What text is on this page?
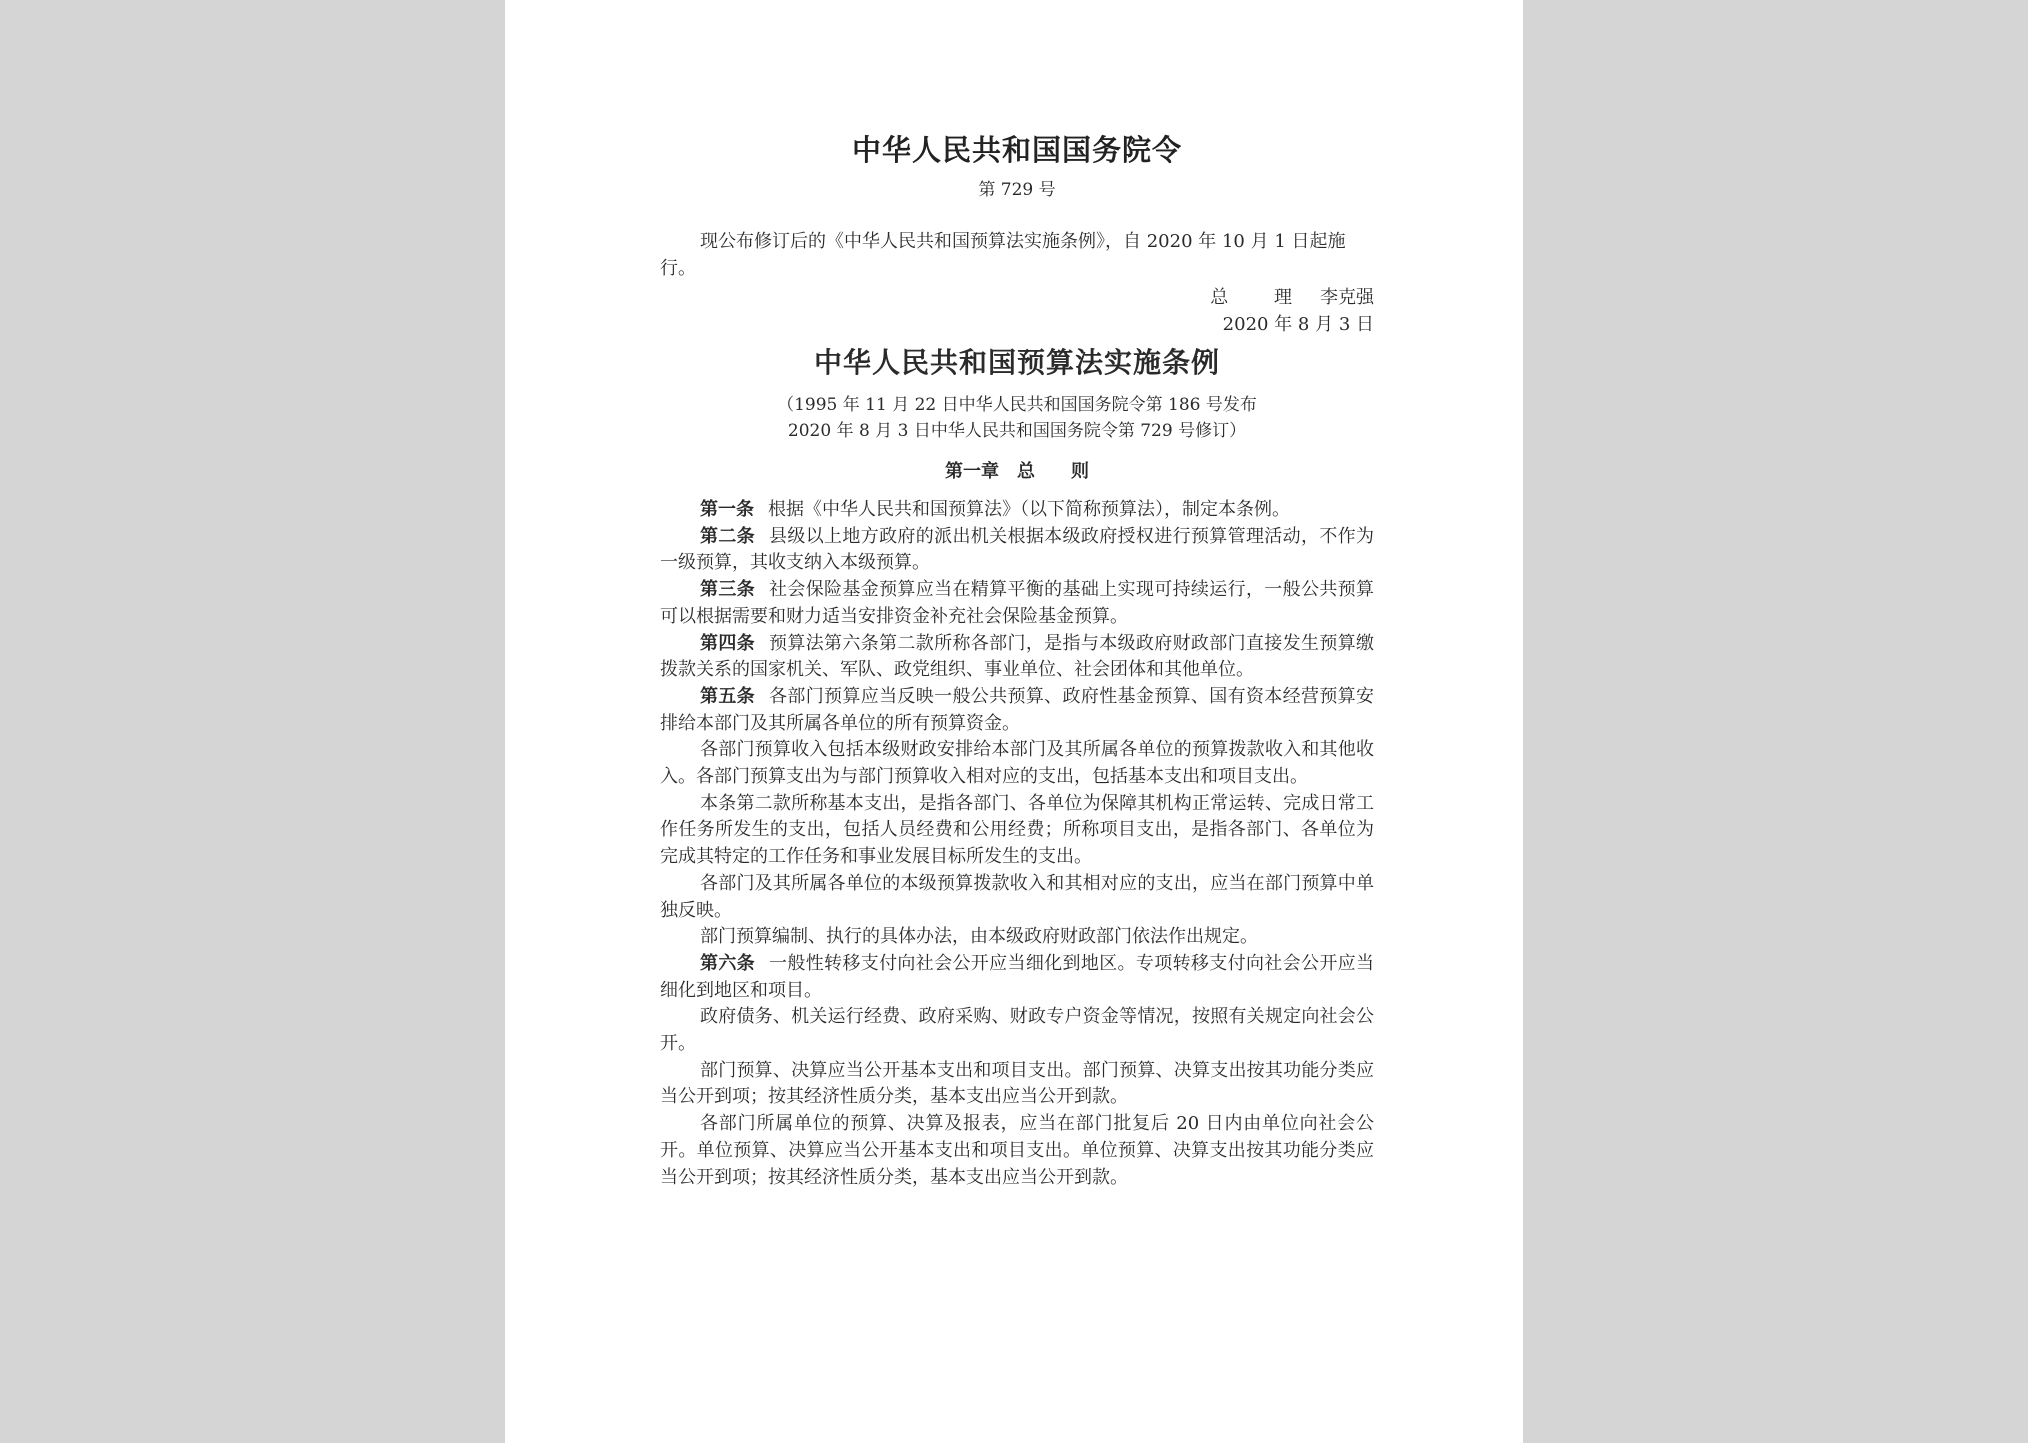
中华人民共和国国务院令
第 729 号

现公布修订后的《中华人民共和国预算法实施条例》，自 2020 年 10 月 1 日起施行。

总 理 李克强
2020 年 8 月 3 日
中华人民共和国预算法实施条例
（1995 年 11 月 22 日中华人民共和国国务院令第 186 号发布
2020 年 8 月 3 日中华人民共和国国务院令第 729 号修订）
第一章　总　　则

第一条 根据《中华人民共和国预算法》（以下简称预算法），制定本条例。

第二条 县级以上地方政府的派出机关根据本级政府授权进行预算管理活动，不作为一级预算，其收支纳入本级预算。

第三条 社会保险基金预算应当在精算平衡的基础上实现可持续运行，一般公共预算可以根据需要和财力适当安排资金补充社会保险基金预算。

第四条 预算法第六条第二款所称各部门，是指与本级政府财政部门直接发生预算缴拨款关系的国家机关、军队、政党组织、事业单位、社会团体和其他单位。

第五条 各部门预算应当反映一般公共预算、政府性基金预算、国有资本经营预算安排给本部门及其所属各单位的所有预算资金。

各部门预算收入包括本级财政安排给本部门及其所属各单位的预算拨款收入和其他收入。各部门预算支出为与部门预算收入相对应的支出，包括基本支出和项目支出。

本条第二款所称基本支出，是指各部门、各单位为保障其机构正常运转、完成日常工作任务所发生的支出，包括人员经费和公用经费；所称项目支出，是指各部门、各单位为完成其特定的工作任务和事业发展目标所发生的支出。

各部门及其所属各单位的本级预算拨款收入和其相对应的支出，应当在部门预算中单独反映。

部门预算编制、执行的具体办法，由本级政府财政部门依法作出规定。

第六条 一般性转移支付向社会公开应当细化到地区。专项转移支付向社会公开应当细化到地区和项目。

政府债务、机关运行经费、政府采购、财政专户资金等情况，按照有关规定向社会公开。

部门预算、决算应当公开基本支出和项目支出。部门预算、决算支出按其功能分类应当公开到项；按其经济性质分类，基本支出应当公开到款。

各部门所属单位的预算、决算及报表，应当在部门批复后 20 日内由单位向社会公开。单位预算、决算应当公开基本支出和项目支出。单位预算、决算支出按其功能分类应当公开到项；按其经济性质分类，基本支出应当公开到款。
